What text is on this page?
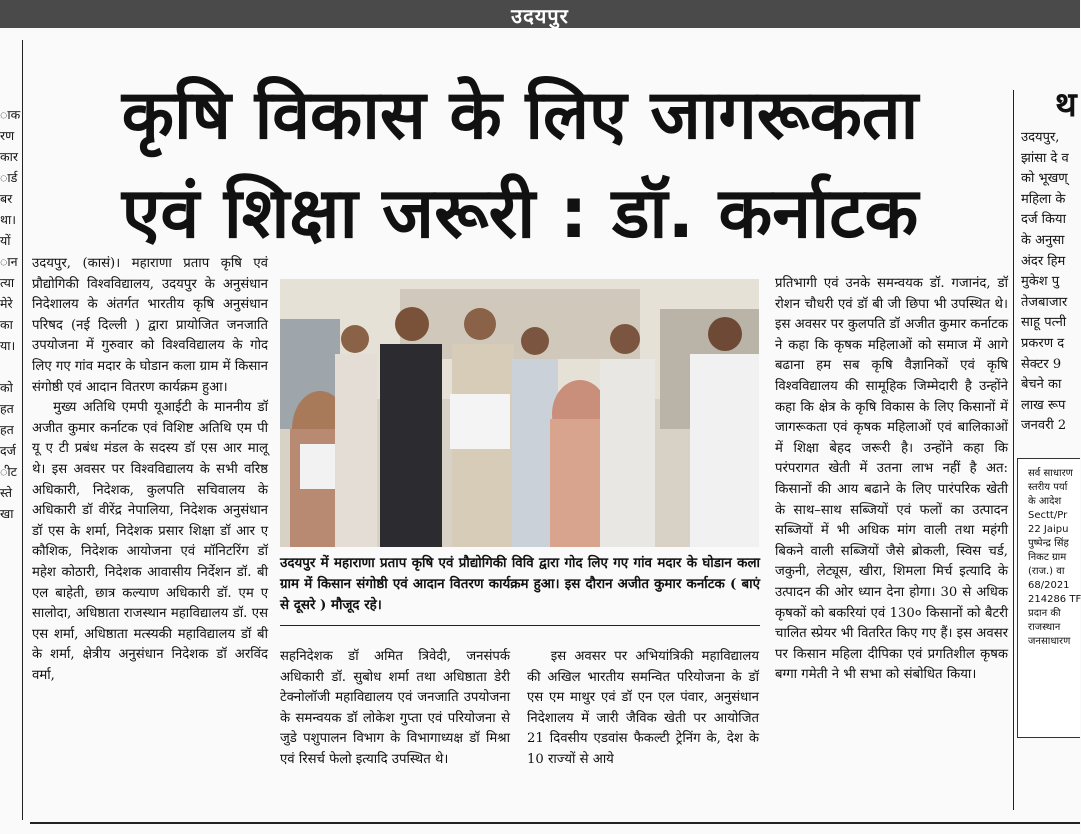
उदयपुर
कृषि विकास के लिए जागरूकता
एवं शिक्षा जरूरी : डॉ. कर्नाटक
ाक
रण
कार
ार्ड
बर
था।
यों
ान
त्या
मेरे
का
या।

को
हत
हत
दर्ज
ीट
स्ते
खा
उदयपुर, (कासं)। महाराणा प्रताप कृषि एवं प्रौद्योगिकी विश्वविद्यालय, उदयपुर के अनुसंधान निदेशालय के अंतर्गत भारतीय कृषि अनुसंधान परिषद (नई दिल्ली ) द्वारा प्रायोजित जनजाति उपयोजना में गुरुवार को विश्वविद्यालय के गोद लिए गए गांव मदार के घोडान कला ग्राम में किसान संगोष्ठी एवं आदान वितरण कार्यक्रम हुआ।
मुख्य अतिथि एमपी यूआईटी के माननीय डॉ अजीत कुमार कर्नाटक एवं विशिष्ट अतिथि एम पी यू ए टी प्रबंध मंडल के सदस्य डॉ एस आर मालू थे। इस अवसर पर विश्वविद्यालय के सभी वरिष्ठ अधिकारी, निदेशक, कुलपति सचिवालय के अधिकारी डॉ वीरेंद्र नेपालिया, निदेशक अनुसंधान डॉ एस के शर्मा, निदेशक प्रसार शिक्षा डॉ आर ए कौशिक, निदेशक आयोजना एवं मॉनिटरिंग डॉ महेश कोठारी, निदेशक आवासीय निर्देशन डॉ. बी एल बाहेती, छात्र कल्याण अधिकारी डॉ. एम ए सालोदा, अधिष्ठाता राजस्थान महाविद्यालय डॉ. एस एस शर्मा, अधिष्ठाता मत्स्यकी महाविद्यालय डॉ बी के शर्मा, क्षेत्रीय अनुसंधान निदेशक डॉ अरविंद वर्मा,
उदयपुर में महाराणा प्रताप कृषि एवं प्रौद्योगिकी विवि द्वारा गोद लिए गए गांव मदार के घोडान कला ग्राम में किसान संगोष्ठी एवं आदान वितरण कार्यक्रम हुआ। इस दौरान अजीत कुमार कर्नाटक ( बाएं से दूसरे ) मौजूद रहे।
सहनिदेशक डॉ अमित त्रिवेदी, जनसंपर्क अधिकारी डॉ. सुबोध शर्मा तथा अधिष्ठाता डेरी टेक्नोलॉजी महाविद्यालय एवं जनजाति उपयोजना के समन्वयक डॉ लोकेश गुप्ता एवं परियोजना से जुडे पशुपालन विभाग के विभागाध्यक्ष डॉ मिश्रा एवं रिसर्च फेलो इत्यादि उपस्थित थे।
इस अवसर पर अभियांत्रिकी महाविद्यालय की अखिल भारतीय समन्वित परियोजना के डॉ एस एम माथुर एवं डॉ एन एल पंवार, अनुसंधान निदेशालय में जारी जैविक खेती पर आयोजित 21 दिवसीय एडवांस फैकल्टी ट्रेनिंग के, देश के 10 राज्यों से आये
प्रतिभागी एवं उनके समन्वयक डॉ. गजानंद, डॉ रोशन चौधरी एवं डॉ बी जी छिपा भी उपस्थित थे। इस अवसर पर कुलपति डॉ अजीत कुमार कर्नाटक ने कहा कि कृषक महिलाओं को समाज में आगे बढाना हम सब कृषि वैज्ञानिकों एवं कृषि विश्वविद्यालय की सामूहिक जिम्मेदारी है उन्होंने कहा कि क्षेत्र के कृषि विकास के लिए किसानों में जागरूकता एवं कृषक महिलाओं एवं बालिकाओं में शिक्षा बेहद जरूरी है। उन्होंने कहा कि परंपरागत खेती में उतना लाभ नहीं है अत: किसानों की आय बढाने के लिए पारंपरिक खेती के साथ–साथ सब्जियों एवं फलों का उत्पादन सब्जियों में भी अधिक मांग वाली तथा महंगी बिकने वाली सब्जियों जैसे ब्रोकली, स्विस चर्ड, जकुनी, लेट्यूस, खीरा, शिमला मिर्च इत्यादि के उत्पादन की ओर ध्यान देना होगा। 30 से अधिक कृषकों को बकरियां एवं 130० किसानों को बैटरी चालित स्प्रेयर भी वितरित किए गए हैं। इस अवसर पर किसान महिला दीपिका एवं प्रगतिशील कृषक बग्गा गमेती ने भी सभा को संबोधित किया।
थ
उदयपुर,
झांसा दे व
को भूखण्
महिला के
दर्ज किया
के अनुसा
अंदर हिम
मुकेश पु
तेजबाजार
साहू पत्नी
प्रकरण द
सेक्टर 9
बेचने का
लाख रूप
जनवरी 2
सर्व साधारण
स्तरीय पर्या
के आदेश
Sectt/Pr
22 Jaipu
पुष्पेन्द्र सिंह
निकट ग्राम
(राज.) वा
68/2021
214286 TF
प्रदान की
राजस्थान
जनसाधारण
